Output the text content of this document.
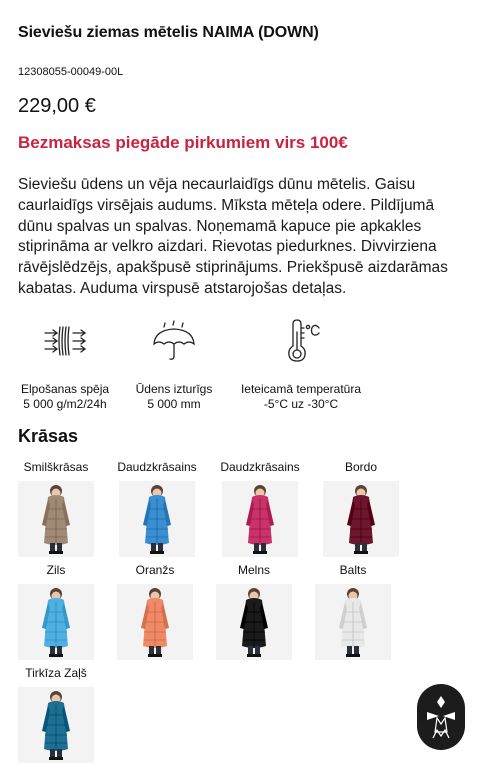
Sieviešu ziemas mētelis NAIMA (DOWN)
12308055-00049-00L
229,00 €
Bezmaksas piegāde pirkumiem virs 100€

Sieviešu ūdens un vēja necaurlaidīgs dūnu mētelis. Gaisu caurlaidīgs virsējais audums. Mīksta mēteļa odere. Pildījumā dūnu spalvas un spalvas. Noņemamā kapuce pie apkakles stiprināma ar velkro aizdari. Rievotas piedurknes. Divvirziena rāvējslēdzējs, apakšpusē stiprinājums. Priekšpusē aizdarāmas kabatas. Auduma virspusē atstarojošas detaļas.

Elpošanas spēja
5 000 g/m2/24h
Ūdens izturīgs
5 000 mm
Ieteicamā temperatūra
-5°C uz -30°C
Krāsas
Smilškrāsas	Daudzkrāsains	Daudzkrāsains	Bordo
Zils	Oranžs	Melns	Balts
Tirkīza Zaļš
